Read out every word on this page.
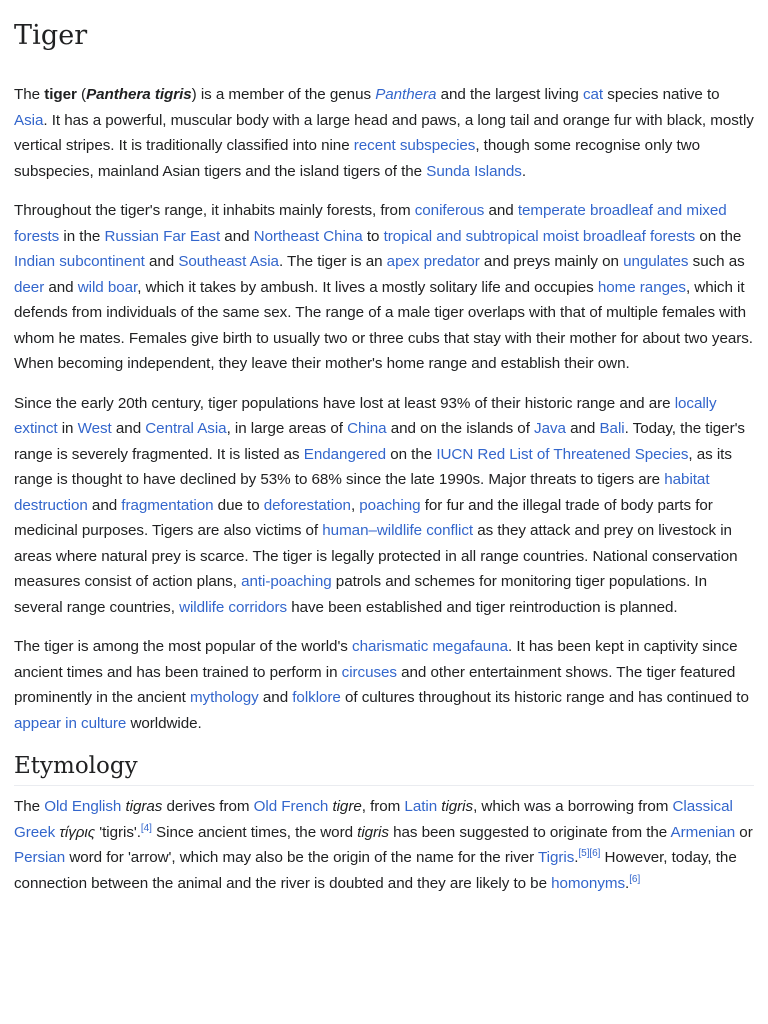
Tiger

The tiger (Panthera tigris) is a member of the genus Panthera and the largest living cat species native to Asia. It has a powerful, muscular body with a large head and paws, a long tail and orange fur with black, mostly vertical stripes. It is traditionally classified into nine recent subspecies, though some recognise only two subspecies, mainland Asian tigers and the island tigers of the Sunda Islands.

Throughout the tiger's range, it inhabits mainly forests, from coniferous and temperate broadleaf and mixed forests in the Russian Far East and Northeast China to tropical and subtropical moist broadleaf forests on the Indian subcontinent and Southeast Asia. The tiger is an apex predator and preys mainly on ungulates such as deer and wild boar, which it takes by ambush. It lives a mostly solitary life and occupies home ranges, which it defends from individuals of the same sex. The range of a male tiger overlaps with that of multiple females with whom he mates. Females give birth to usually two or three cubs that stay with their mother for about two years. When becoming independent, they leave their mother's home range and establish their own.

Since the early 20th century, tiger populations have lost at least 93% of their historic range and are locally extinct in West and Central Asia, in large areas of China and on the islands of Java and Bali. Today, the tiger's range is severely fragmented. It is listed as Endangered on the IUCN Red List of Threatened Species, as its range is thought to have declined by 53% to 68% since the late 1990s. Major threats to tigers are habitat destruction and fragmentation due to deforestation, poaching for fur and the illegal trade of body parts for medicinal purposes. Tigers are also victims of human–wildlife conflict as they attack and prey on livestock in areas where natural prey is scarce. The tiger is legally protected in all range countries. National conservation measures consist of action plans, anti-poaching patrols and schemes for monitoring tiger populations. In several range countries, wildlife corridors have been established and tiger reintroduction is planned.

The tiger is among the most popular of the world's charismatic megafauna. It has been kept in captivity since ancient times and has been trained to perform in circuses and other entertainment shows. The tiger featured prominently in the ancient mythology and folklore of cultures throughout its historic range and has continued to appear in culture worldwide.

Etymology

The Old English tigras derives from Old French tigre, from Latin tigris, which was a borrowing from Classical Greek τίγρις 'tigris'.[4] Since ancient times, the word tigris has been suggested to originate from the Armenian or Persian word for 'arrow', which may also be the origin of the name for the river Tigris.[5][6] However, today, the connection between the animal and the river is doubted and they are likely to be homonyms.[6]
